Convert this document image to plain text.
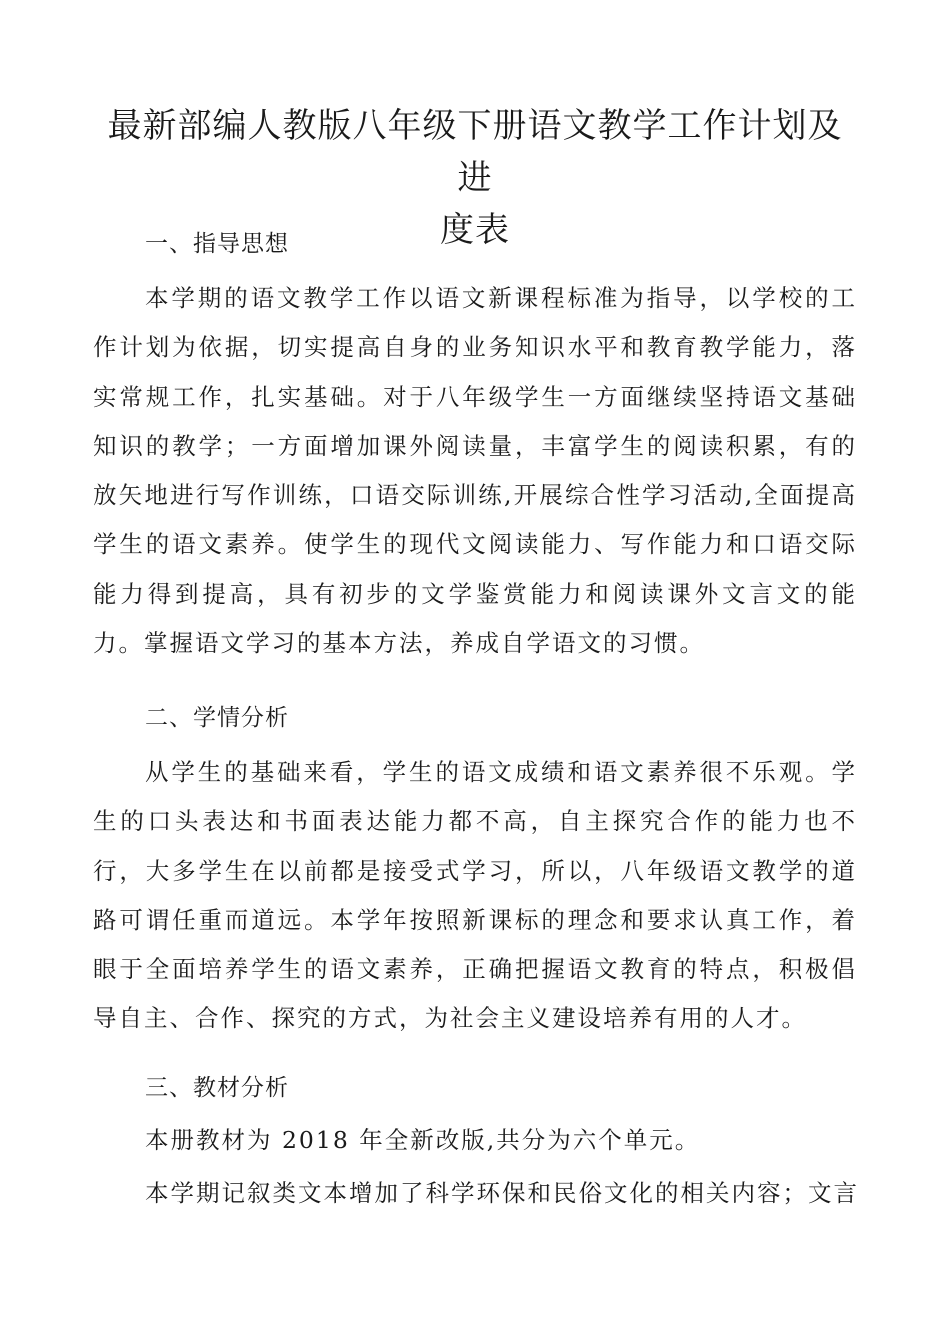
最新部编人教版八年级下册语文教学工作计划及进
度表
一、指导思想

本学期的语文教学工作以语文新课程标准为指导，以学校的工作计划为依据，切实提高自身的业务知识水平和教育教学能力，落实常规工作，扎实基础。对于八年级学生一方面继续坚持语文基础知识的教学；一方面增加课外阅读量，丰富学生的阅读积累，有的放矢地进行写作训练，口语交际训练,开展综合性学习活动,全面提高学生的语文素养。使学生的现代文阅读能力、写作能力和口语交际能力得到提高，具有初步的文学鉴赏能力和阅读课外文言文的能力。掌握语文学习的基本方法，养成自学语文的习惯。

二、学情分析

从学生的基础来看，学生的语文成绩和语文素养很不乐观。学生的口头表达和书面表达能力都不高，自主探究合作的能力也不行，大多学生在以前都是接受式学习，所以，八年级语文教学的道路可谓任重而道远。本学年按照新课标的理念和要求认真工作，着眼于全面培养学生的语文素养，正确把握语文教育的特点，积极倡导自主、合作、探究的方式，为社会主义建设培养有用的人才。

三、教材分析

本册教材为 2018 年全新改版,共分为六个单元。

本学期记叙类文本增加了科学环保和民俗文化的相关内容；文言
